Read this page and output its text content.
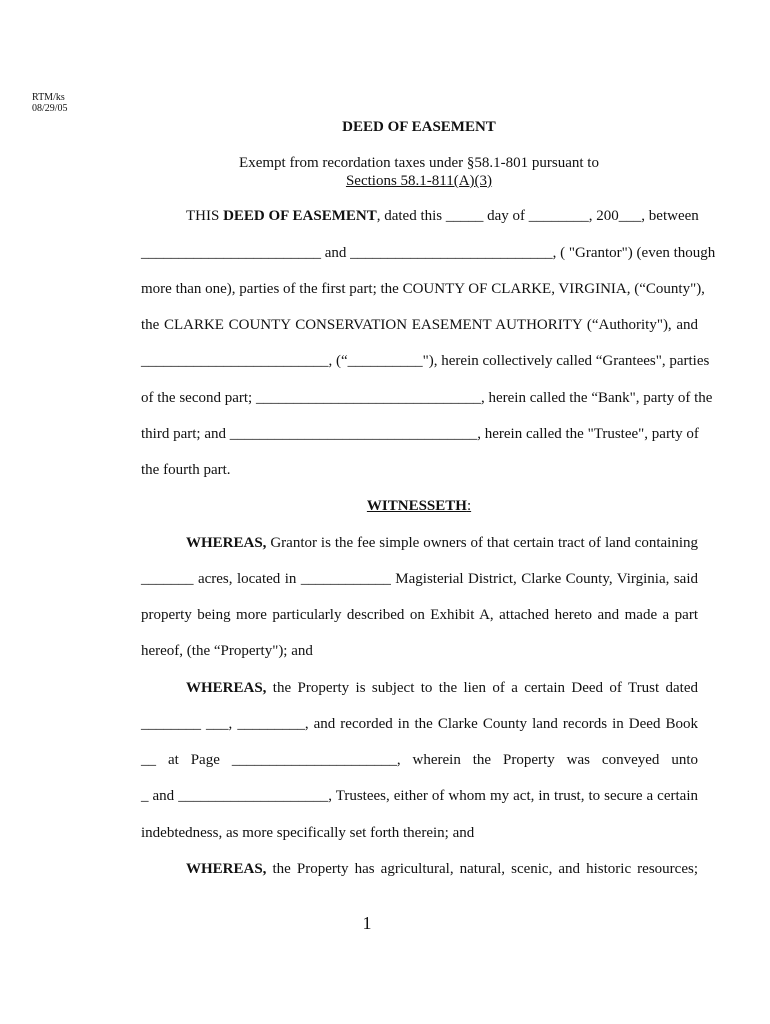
RTM/ks
08/29/05
DEED OF EASEMENT
Exempt from recordation taxes under §58.1-801 pursuant to
Sections 58.1-811(A)(3)
THIS DEED OF EASEMENT, dated this _____ day of ________, 200___, between
________________________ and ___________________________, ( "Grantor") (even though
more than one), parties of the first part; the COUNTY OF CLARKE, VIRGINIA, (“County"),
the CLARKE COUNTY CONSERVATION EASEMENT AUTHORITY (“Authority"), and
_________________________, (“__________"), herein collectively called “Grantees", parties
of the second part; ______________________________, herein called the “Bank", party of the
third part; and _________________________________, herein called the "Trustee", party of
the fourth part.
WITNESSETH:
WHEREAS, Grantor is the fee simple owners of that certain tract of land containing
_______ acres, located in ____________ Magisterial District, Clarke County, Virginia, said
property being more particularly described on Exhibit A, attached hereto and made a part
hereof, (the “Property"); and
WHEREAS, the Property is subject to the lien of a certain Deed of Trust dated
________ ___, _________, and recorded in the Clarke County land records in Deed Book
__ at Page ______________________, wherein the Property was conveyed unto
_ and ____________________, Trustees, either of whom my act, in trust, to secure a certain
indebtedness, as more specifically set forth therein; and
WHEREAS, the Property has agricultural, natural, scenic, and historic resources;
1
